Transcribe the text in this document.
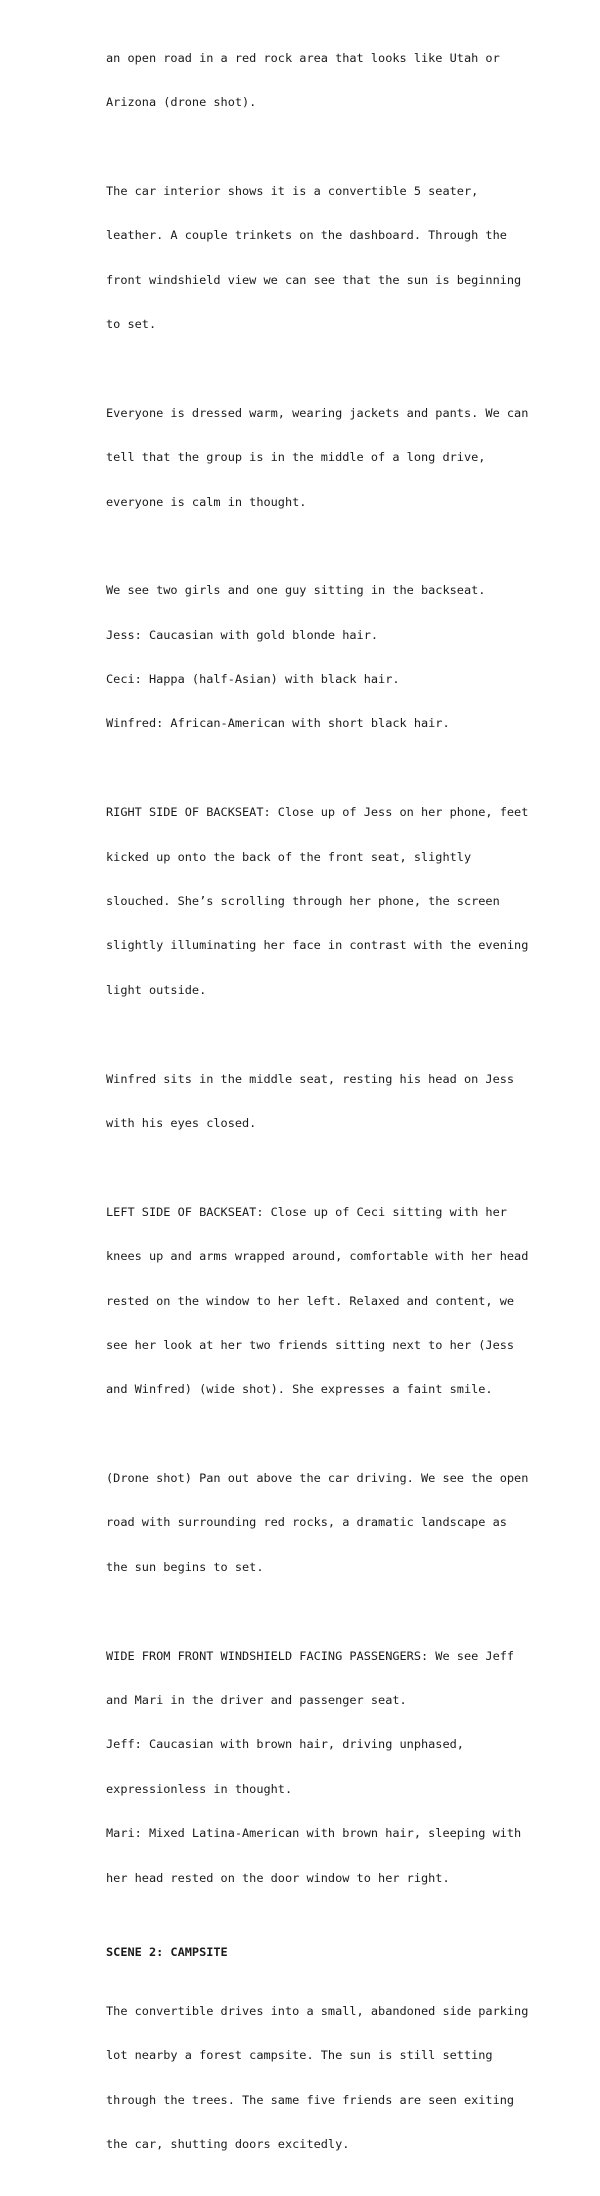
an open road in a red rock area that looks like Utah or

Arizona (drone shot).

The car interior shows it is a convertible 5 seater,

leather. A couple trinkets on the dashboard. Through the

front windshield view we can see that the sun is beginning

to set.

Everyone is dressed warm, wearing jackets and pants. We can

tell that the group is in the middle of a long drive,

everyone is calm in thought.

We see two girls and one guy sitting in the backseat.

Jess: Caucasian with gold blonde hair.

Ceci: Happa (half-Asian) with black hair.

Winfred: African-American with short black hair.

RIGHT SIDE OF BACKSEAT: Close up of Jess on her phone, feet

kicked up onto the back of the front seat, slightly

slouched. She’s scrolling through her phone, the screen

slightly illuminating her face in contrast with the evening

light outside.

Winfred sits in the middle seat, resting his head on Jess

with his eyes closed.

LEFT SIDE OF BACKSEAT: Close up of Ceci sitting with her

knees up and arms wrapped around, comfortable with her head

rested on the window to her left. Relaxed and content, we

see her look at her two friends sitting next to her (Jess

and Winfred) (wide shot). She expresses a faint smile.

(Drone shot) Pan out above the car driving. We see the open

road with surrounding red rocks, a dramatic landscape as

the sun begins to set.

WIDE FROM FRONT WINDSHIELD FACING PASSENGERS: We see Jeff

and Mari in the driver and passenger seat.

Jeff: Caucasian with brown hair, driving unphased,

expressionless in thought.

Mari: Mixed Latina-American with brown hair, sleeping with

her head rested on the door window to her right.

SCENE 2: CAMPSITE

The convertible drives into a small, abandoned side parking

lot nearby a forest campsite. The sun is still setting

through the trees. The same five friends are seen exiting

the car, shutting doors excitedly.
